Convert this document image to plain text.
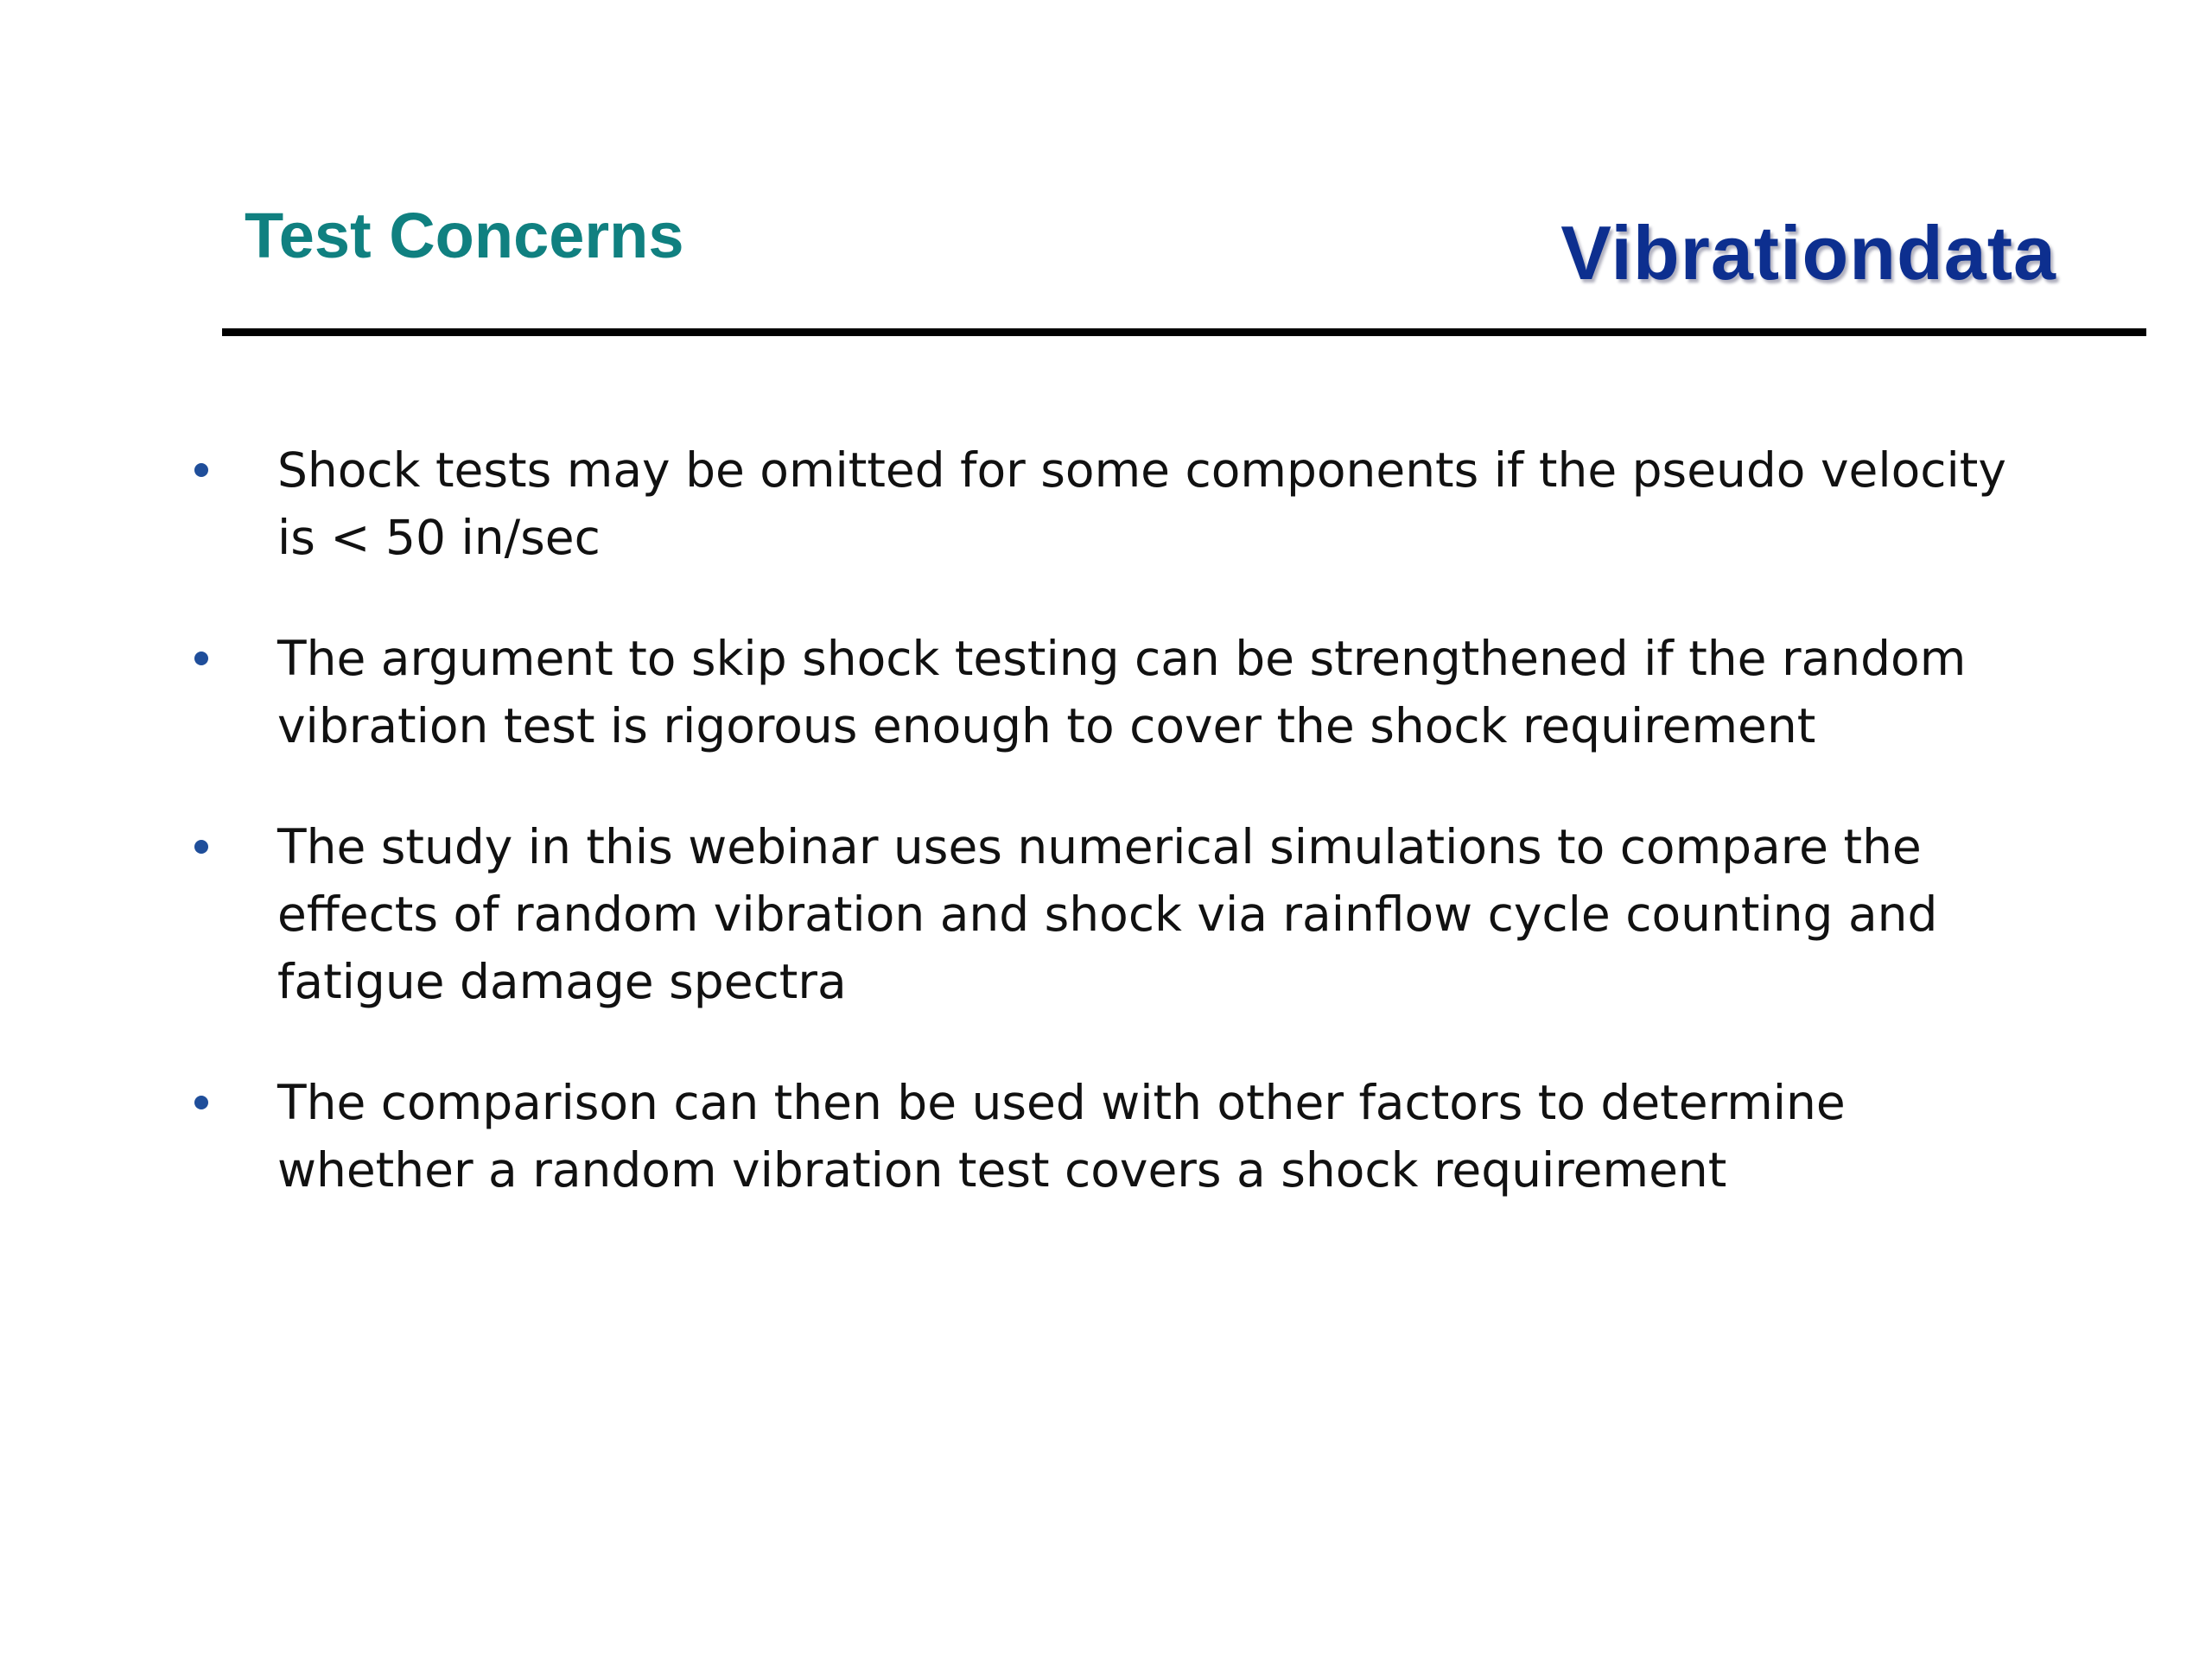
Test Concerns	Vibrationdata
Shock tests may be omitted for some components if the pseudo velocity is < 50 in/sec
The argument to skip shock testing can be strengthened if the random vibration test is rigorous enough to cover the shock requirement
The study in this webinar uses numerical simulations to compare the effects of random vibration and shock via rainflow cycle counting and fatigue damage spectra
The comparison can then be used with other factors to determine whether a random vibration test covers a shock requirement
